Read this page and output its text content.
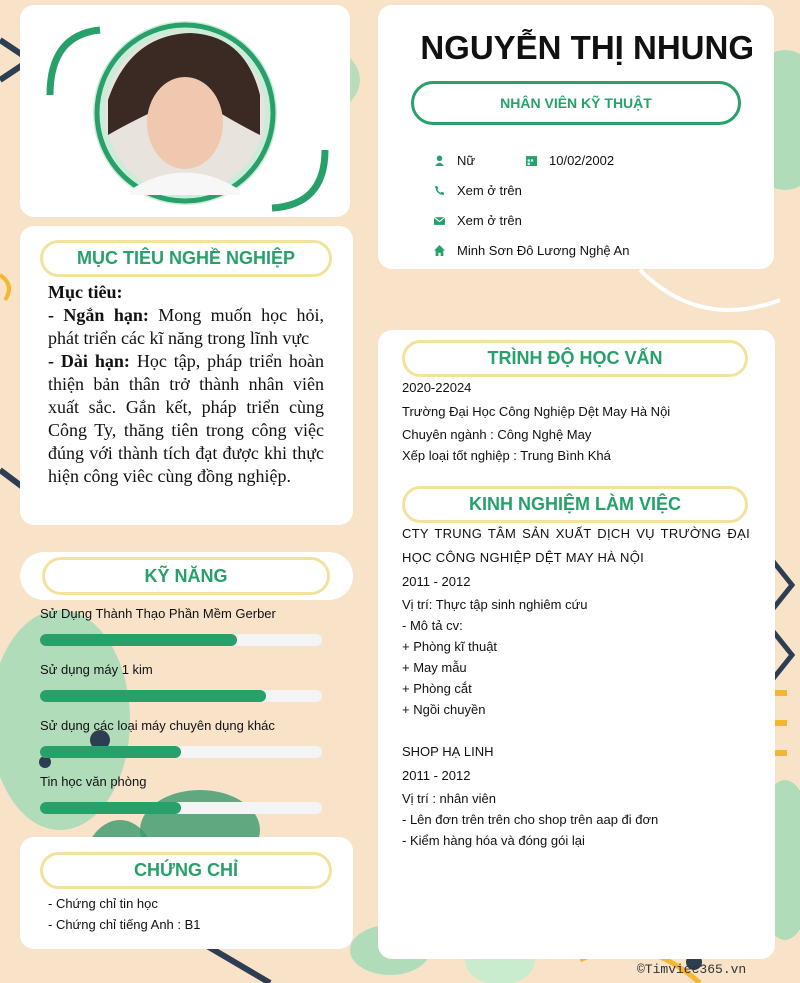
NGUYỄN THỊ NHUNG
NHÂN VIÊN KỸ THUẬT
Nữ	10/02/2002
Xem ở trên
Xem ở trên
Minh Sơn Đô Lương Nghệ An
MỤC TIÊU NGHỀ NGHIỆP
Mục tiêu:
- Ngắn hạn: Mong muốn học hỏi, phát triển các kĩ năng trong lĩnh vực
- Dài hạn: Học tập, pháp triển hoàn thiện bản thân trở thành nhân viên xuất sắc. Gắn kết, pháp triển cùng Công Ty, thăng tiên trong công việc đúng với thành tích đạt được khi thực hiện công viêc cùng đồng nghiệp.
KỸ NĂNG
Sử Dụng Thành Thạo Phần Mềm Gerber
Sử dụng máy 1 kim
Sử dụng các loại máy chuyên dụng khác
Tin học văn phòng
CHỨNG CHỈ
- Chứng chỉ tin học
- Chứng chỉ tiếng Anh : B1
TRÌNH ĐỘ HỌC VẤN
2020-22024
Trường Đại Học Công Nghiệp Dệt May Hà Nội
Chuyên ngành : Công Nghệ May
Xếp loại tốt nghiệp : Trung Bình Khá
KINH NGHIỆM LÀM VIỆC
CTY TRUNG TÂM SẢN XUẤT DỊCH VỤ TRƯỜNG ĐẠI HỌC CÔNG NGHIỆP DỆT MAY HÀ NỘI
2011 - 2012
Vị trí: Thực tập sinh nghiêm cứu
- Mô tả cv:
+ Phòng kĩ thuật
+ May mẫu
+ Phòng cắt
+ Ngồi chuyền
SHOP HẠ LINH
2011 - 2012
Vị trí : nhân viên
- Lên đơn trên trên cho shop trên aap đi đơn
- Kiểm hàng hóa và đóng gói lại
©Timviec365.vn
